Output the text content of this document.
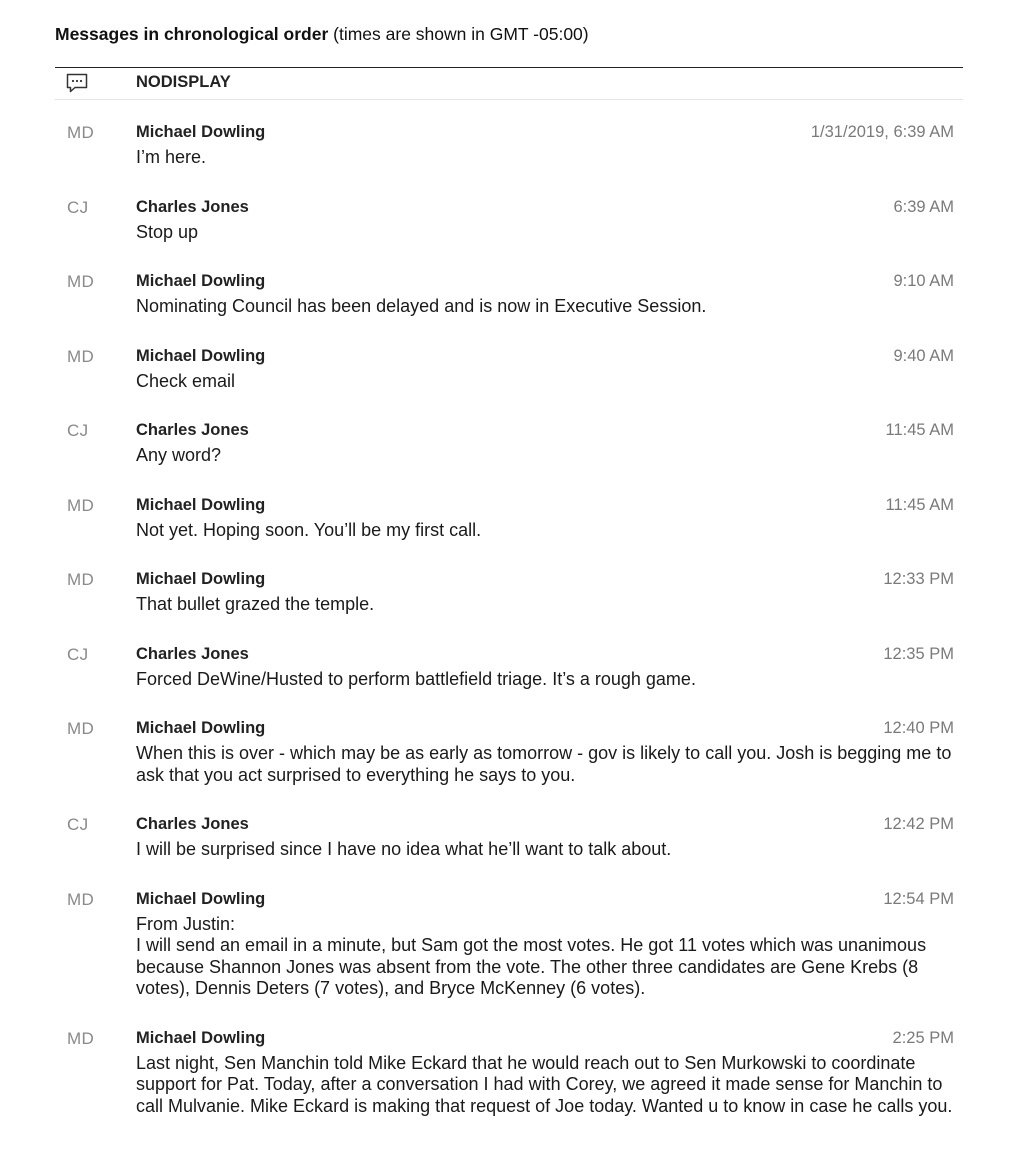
Messages in chronological order (times are shown in GMT -05:00)
NODISPLAY
MD	Michael Dowling	1/31/2019, 6:39 AM
I’m here.
CJ	Charles Jones	6:39 AM
Stop up
MD	Michael Dowling	9:10 AM
Nominating Council has been delayed and is now in Executive Session.
MD	Michael Dowling	9:40 AM
Check email
CJ	Charles Jones	11:45 AM
Any word?
MD	Michael Dowling	11:45 AM
Not yet. Hoping soon. You’ll be my first call.
MD	Michael Dowling	12:33 PM
That bullet grazed the temple.
CJ	Charles Jones	12:35 PM
Forced DeWine/Husted to perform battlefield triage. It’s a rough game.
MD	Michael Dowling	12:40 PM
When this is over - which may be as early as tomorrow - gov is likely to call you. Josh is begging me to ask that you act surprised to everything he says to you.
CJ	Charles Jones	12:42 PM
I will be surprised since I have no idea what he’ll want to talk about.
MD	Michael Dowling	12:54 PM
From Justin:
I will send an email in a minute, but Sam got the most votes. He got 11 votes which was unanimous because Shannon Jones was absent from the vote. The other three candidates are Gene Krebs (8 votes), Dennis Deters (7 votes), and Bryce McKenney (6 votes).
MD	Michael Dowling	2:25 PM
Last night, Sen Manchin told Mike Eckard that he would reach out to Sen Murkowski to coordinate support for Pat. Today, after a conversation I had with Corey, we agreed it made sense for Manchin to call Mulvanie. Mike Eckard is making that request of Joe today. Wanted u to know in case he calls you.
